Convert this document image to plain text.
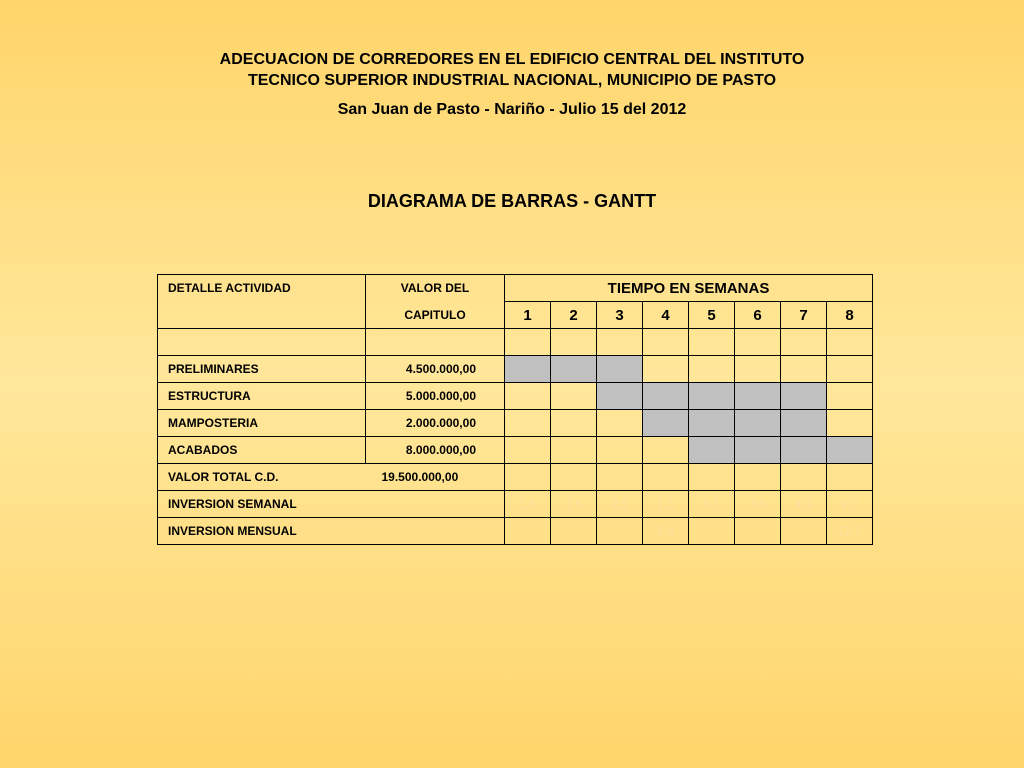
ADECUACION DE CORREDORES EN EL EDIFICIO CENTRAL DEL INSTITUTO
TECNICO SUPERIOR INDUSTRIAL NACIONAL, MUNICIPIO DE PASTO
San Juan de Pasto - Nariño - Julio 15 del 2012
DIAGRAMA DE BARRAS - GANTT
DETALLE ACTIVIDAD	VALOR DEL	TIEMPO EN SEMANAS							
	CAPITULO	1	2	3	4	5	6	7	8

PRELIMINARES	4.500.000,00								
ESTRUCTURA	5.000.000,00								
MAMPOSTERIA	2.000.000,00								
ACABADOS	8.000.000,00								
VALOR TOTAL C.D.	19.500.000,00								
INVERSION SEMANAL		1,5	1,5	2,5	1,3	3,1	3,3	4,3	2,0
INVERSION MENSUAL					6,8				12,7
